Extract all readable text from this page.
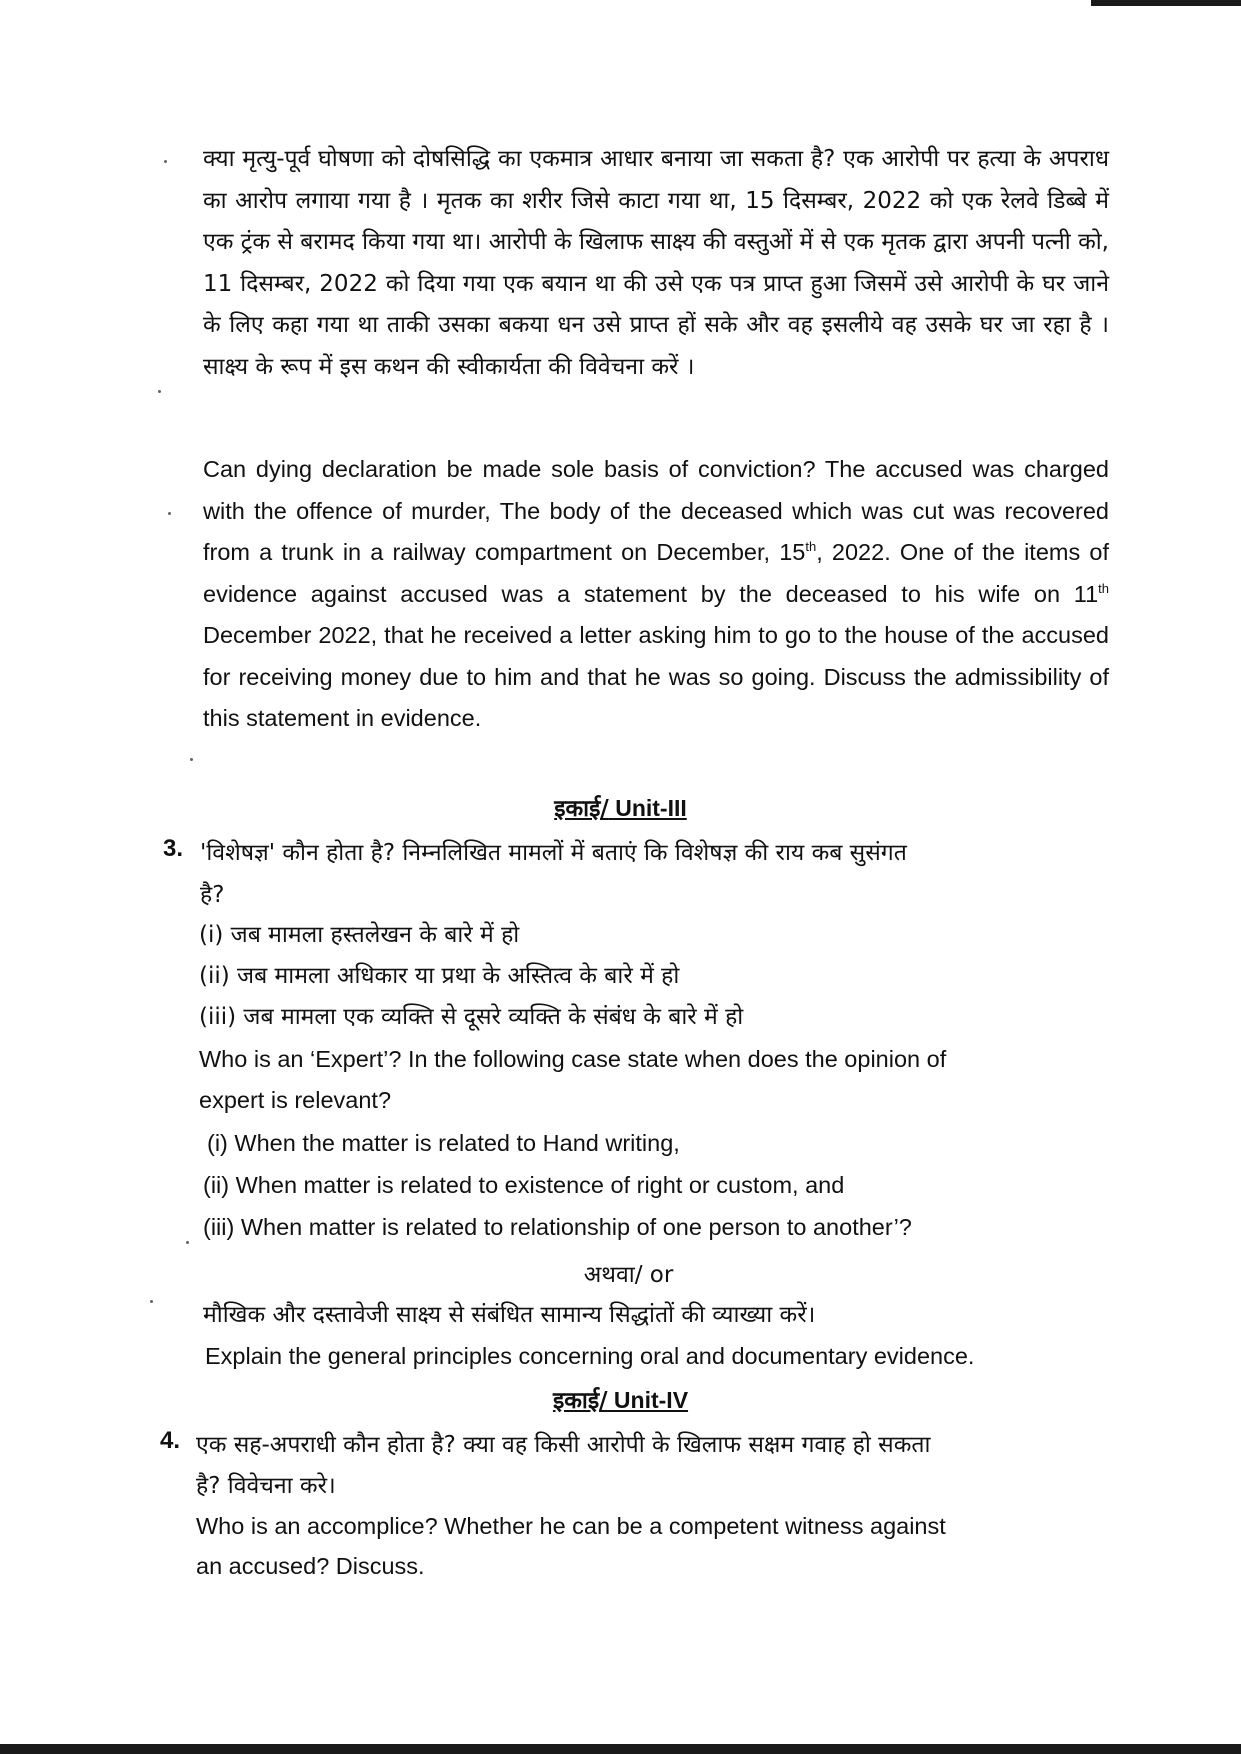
क्या मृत्यु-पूर्व घोषणा को दोषसिद्धि का एकमात्र आधार बनाया जा सकता है? एक आरोपी पर हत्या के अपराध का आरोप लगाया गया है । मृतक का शरीर जिसे काटा गया था, 15 दिसम्बर, 2022 को एक रेलवे डिब्बे में एक ट्रंक से बरामद किया गया था। आरोपी के खिलाफ साक्ष्य की वस्तुओं में से एक मृतक द्वारा अपनी पत्नी को, 11 दिसम्बर, 2022 को दिया गया एक बयान था की उसे एक पत्र प्राप्त हुआ जिसमें उसे आरोपी के घर जाने के लिए कहा गया था ताकी उसका बकया धन उसे प्राप्त हों सके और वह इसलीये वह उसके घर जा रहा है । साक्ष्य के रूप में इस कथन की स्वीकार्यता की विवेचना करें ।
Can dying declaration be made sole basis of conviction? The accused was charged with the offence of murder, The body of the deceased which was cut was recovered from a trunk in a railway compartment on December, 15th, 2022. One of the items of evidence against accused was a statement by the deceased to his wife on 11th December 2022, that he received a letter asking him to go to the house of the accused for receiving money due to him and that he was so going. Discuss the admissibility of this statement in evidence.
इकाई/ Unit-III
3. 'विशेषज्ञ' कौन होता है? निम्नलिखित मामलों में बताएं कि विशेषज्ञ की राय कब सुसंगत
है?
(i) जब मामला हस्तलेखन के बारे में हो
(ii) जब मामला अधिकार या प्रथा के अस्तित्व के बारे में हो
(iii) जब मामला एक व्यक्ति से दूसरे व्यक्ति के संबंध के बारे में हो
Who is an ‘Expert’? In the following case state when does the opinion of
expert is relevant?
(i) When the matter is related to Hand writing,
(ii) When matter is related to existence of right or custom, and
(iii) When matter is related to relationship of one person to another’?
अथवा/ or
मौखिक और दस्तावेजी साक्ष्य से संबंधित सामान्य सिद्धांतों की व्याख्या करें।
Explain the general principles concerning oral and documentary evidence.
इकाई/ Unit-IV
4. एक सह-अपराधी कौन होता है? क्या वह किसी आरोपी के खिलाफ सक्षम गवाह हो सकता
है? विवेचना करे।
Who is an accomplice? Whether he can be a competent witness against
an accused? Discuss.
